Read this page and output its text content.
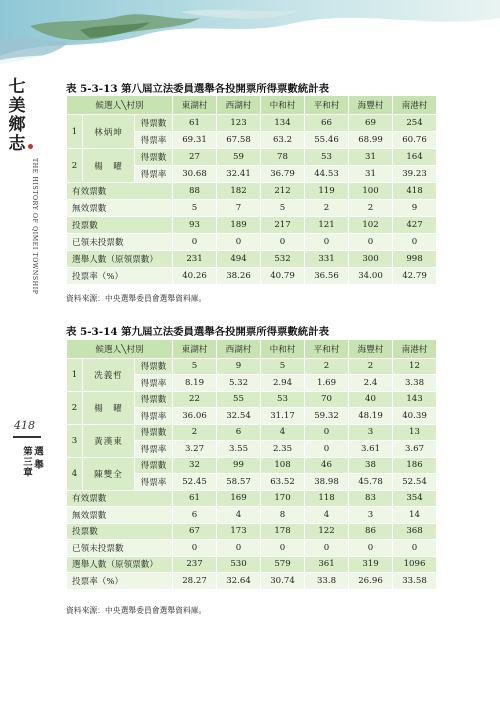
七
美
鄉
志
THE HISTORY OF QIMEI TOWNSHIP
418
第三章 選舉
表 5-3-13 第八屆立法委員選舉各投開票所得票數統計表
候選人╲村別			東湖村	西湖村	中和村	平和村	海豐村	南港村
1	林炳坤	得票數	61	123	134	66	69	254
		得票率	69.31	67.58	63.2	55.46	68.99	60.76
2	楊　曜	得票數	27	59	78	53	31	164
		得票率	30.68	32.41	36.79	44.53	31	39.23
有效票數			88	182	212	119	100	418
無效票數			5	7	5	2	2	9
投票數			93	189	217	121	102	427
已領未投票數			0	0	0	0	0	0
選舉人數（原領票數）			231	494	532	331	300	998
投票率（%）			40.26	38.26	40.79	36.56	34.00	42.79
資料來源：中央選舉委員會選舉資料庫。
表 5-3-14 第九屆立法委員選舉各投開票所得票數統計表
候選人╲村別			東湖村	西湖村	中和村	平和村	海豐村	南港村
1	冼義哲	得票數	5	9	5	2	2	12
		得票率	8.19	5.32	2.94	1.69	2.4	3.38
2	楊　曜	得票數	22	55	53	70	40	143
		得票率	36.06	32.54	31.17	59.32	48.19	40.39
3	黃漢東	得票數	2	6	4	0	3	13
		得票率	3.27	3.55	2.35	0	3.61	3.67
4	陳雙全	得票數	32	99	108	46	38	186
		得票率	52.45	58.57	63.52	38.98	45.78	52.54
有效票數			61	169	170	118	83	354
無效票數			6	4	8	4	3	14
投票數			67	173	178	122	86	368
已領未投票數			0	0	0	0	0	0
選舉人數（原領票數）			237	530	579	361	319	1096
投票率（%）			28.27	32.64	30.74	33.8	26.96	33.58
資料來源：中央選舉委員會選舉資料庫。
